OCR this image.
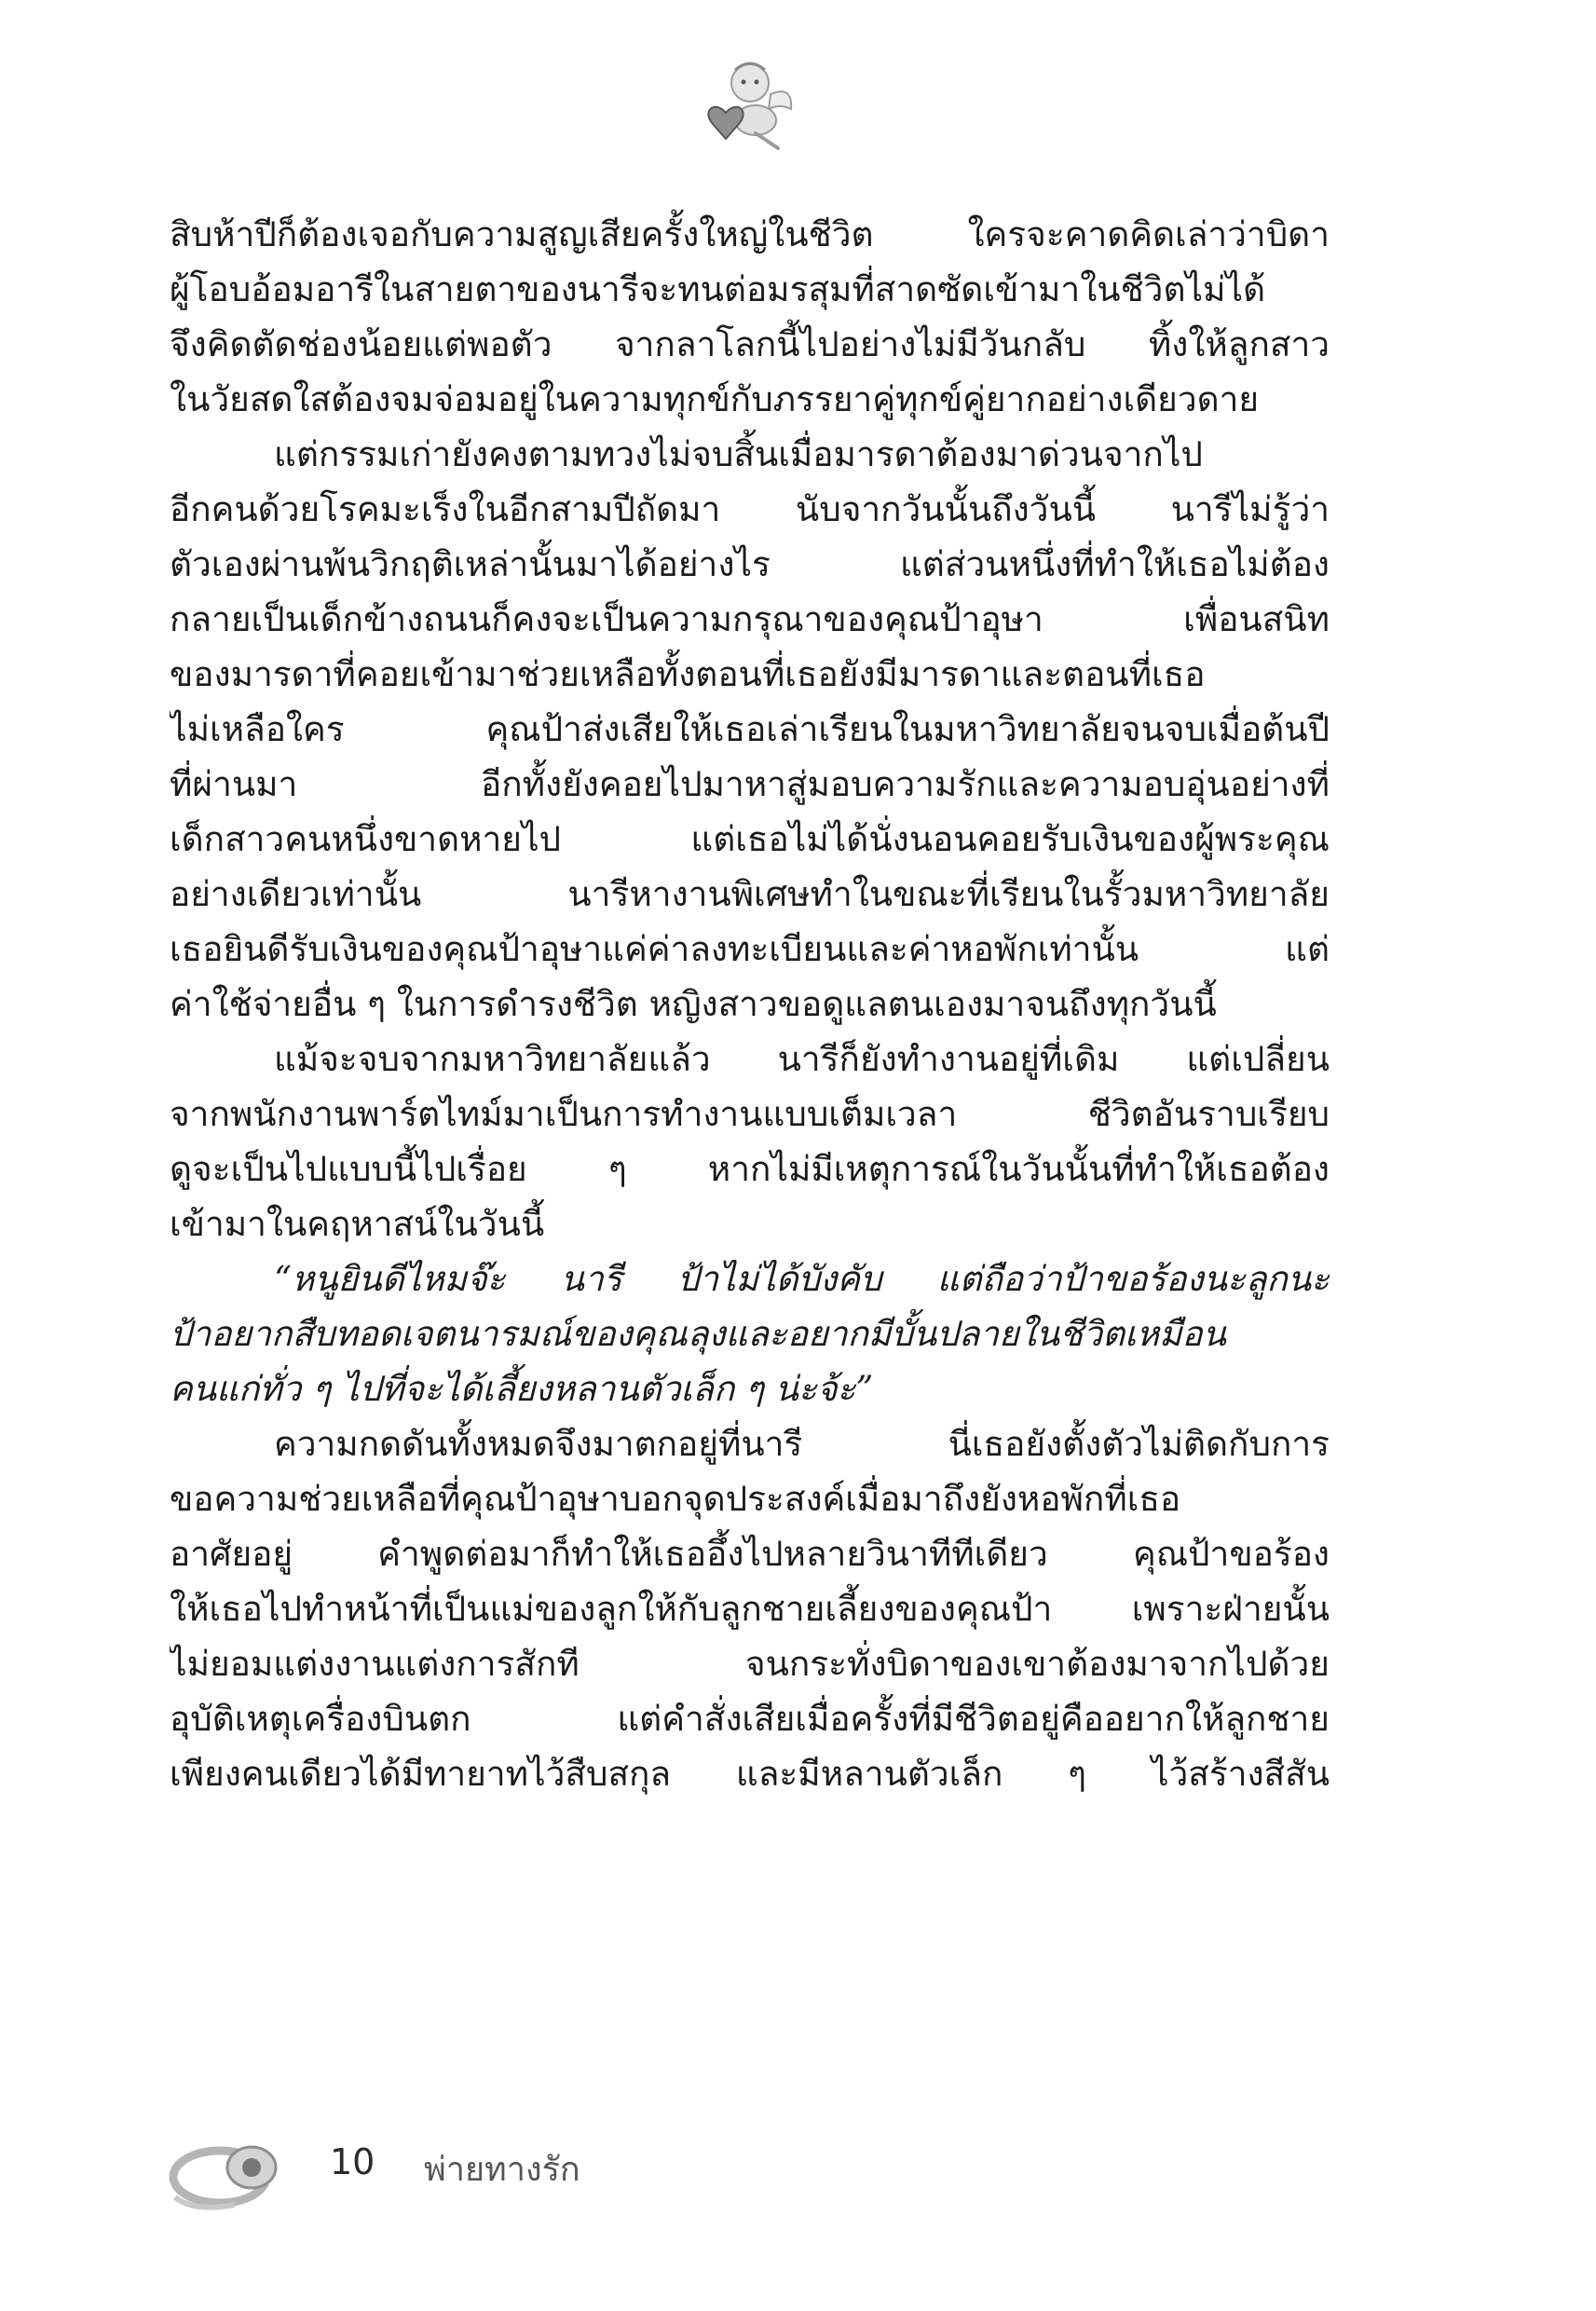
สิบห้าปีก็ต้องเจอกับความสูญเสียครั้งใหญ่ในชีวิต ใครจะคาดคิดเล่าว่าบิดา
ผู้โอบอ้อมอารีในสายตาของนารีจะทนต่อมรสุมที่สาดซัดเข้ามาในชีวิตไม่ได้
จึงคิดตัดช่องน้อยแต่พอตัว จากลาโลกนี้ไปอย่างไม่มีวันกลับ ทิ้งให้ลูกสาว
ในวัยสดใสต้องจมจ่อมอยู่ในความทุกข์กับภรรยาคู่ทุกข์คู่ยากอย่างเดียวดาย
แต่กรรมเก่ายังคงตามทวงไม่จบสิ้นเมื่อมารดาต้องมาด่วนจากไป
อีกคนด้วยโรคมะเร็งในอีกสามปีถัดมา นับจากวันนั้นถึงวันนี้ นารีไม่รู้ว่า
ตัวเองผ่านพ้นวิกฤติเหล่านั้นมาได้อย่างไร แต่ส่วนหนึ่งที่ทำให้เธอไม่ต้อง
กลายเป็นเด็กข้างถนนก็คงจะเป็นความกรุณาของคุณป้าอุษา เพื่อนสนิท
ของมารดาที่คอยเข้ามาช่วยเหลือทั้งตอนที่เธอยังมีมารดาและตอนที่เธอ
ไม่เหลือใคร คุณป้าส่งเสียให้เธอเล่าเรียนในมหาวิทยาลัยจนจบเมื่อต้นปี
ที่ผ่านมา อีกทั้งยังคอยไปมาหาสู่มอบความรักและความอบอุ่นอย่างที่
เด็กสาวคนหนึ่งขาดหายไป แต่เธอไม่ได้นั่งนอนคอยรับเงินของผู้พระคุณ
อย่างเดียวเท่านั้น นารีหางานพิเศษทำในขณะที่เรียนในรั้วมหาวิทยาลัย
เธอยินดีรับเงินของคุณป้าอุษาแค่ค่าลงทะเบียนและค่าหอพักเท่านั้น แต่
ค่าใช้จ่ายอื่น ๆ ในการดำรงชีวิต หญิงสาวขอดูแลตนเองมาจนถึงทุกวันนี้
แม้จะจบจากมหาวิทยาลัยแล้ว นารีก็ยังทำงานอยู่ที่เดิม แต่เปลี่ยน
จากพนักงานพาร์ตไทม์มาเป็นการทำงานแบบเต็มเวลา ชีวิตอันราบเรียบ
ดูจะเป็นไปแบบนี้ไปเรื่อย ๆ หากไม่มีเหตุการณ์ในวันนั้นที่ทำให้เธอต้อง
เข้ามาในคฤหาสน์ในวันนี้
“หนูยินดีไหมจ๊ะ นารี ป้าไม่ได้บังคับ แต่ถือว่าป้าขอร้องนะลูกนะ
ป้าอยากสืบทอดเจตนารมณ์ของคุณลุงและอยากมีบั้นปลายในชีวิตเหมือน
คนแก่ทั่ว ๆ ไปที่จะได้เลี้ยงหลานตัวเล็ก ๆ น่ะจ้ะ”
ความกดดันทั้งหมดจึงมาตกอยู่ที่นารี นี่เธอยังตั้งตัวไม่ติดกับการ
ขอความช่วยเหลือที่คุณป้าอุษาบอกจุดประสงค์เมื่อมาถึงยังหอพักที่เธอ
อาศัยอยู่ คำพูดต่อมาก็ทำให้เธออึ้งไปหลายวินาทีทีเดียว คุณป้าขอร้อง
ให้เธอไปทำหน้าที่เป็นแม่ของลูกให้กับลูกชายเลี้ยงของคุณป้า เพราะฝ่ายนั้น
ไม่ยอมแต่งงานแต่งการสักที จนกระทั่งบิดาของเขาต้องมาจากไปด้วย
อุบัติเหตุเครื่องบินตก แต่คำสั่งเสียเมื่อครั้งที่มีชีวิตอยู่คืออยากให้ลูกชาย
เพียงคนเดียวได้มีทายาทไว้สืบสกุล และมีหลานตัวเล็ก ๆ ไว้สร้างสีสัน
10 พ่ายทางรัก
